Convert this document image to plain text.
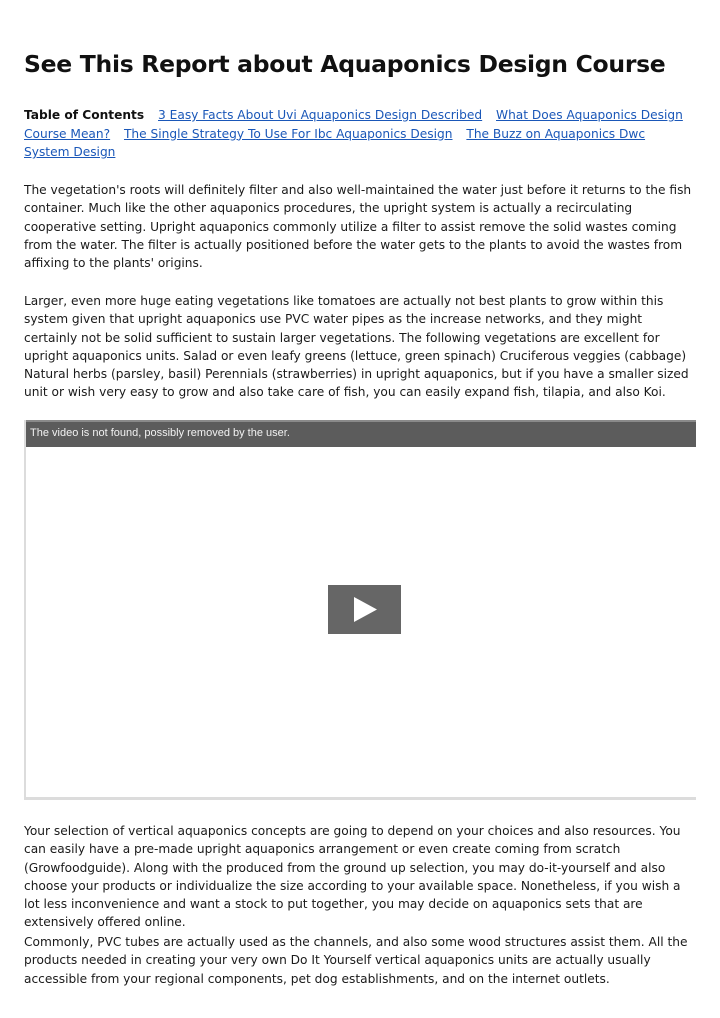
See This Report about Aquaponics Design Course
Table of Contents 3 Easy Facts About Uvi Aquaponics Design Described What Does Aquaponics Design Course Mean? The Single Strategy To Use For Ibc Aquaponics Design The Buzz on Aquaponics Dwc System Design

The vegetation's roots will definitely filter and also well-maintained the water just before it returns to the fish container. Much like the other aquaponics procedures, the upright system is actually a recirculating cooperative setting. Upright aquaponics commonly utilize a filter to assist remove the solid wastes coming from the water. The filter is actually positioned before the water gets to the plants to avoid the wastes from affixing to the plants' origins.

Larger, even more huge eating vegetations like tomatoes are actually not best plants to grow within this system given that upright aquaponics use PVC water pipes as the increase networks, and they might certainly not be solid sufficient to sustain larger vegetations. The following vegetations are excellent for upright aquaponics units. Salad or even leafy greens (lettuce, green spinach) Cruciferous veggies (cabbage) Natural herbs (parsley, basil) Perennials (strawberries) in upright aquaponics, but if you have a smaller sized unit or wish very easy to grow and also take care of fish, you can easily expand fish, tilapia, and also Koi.

The video is not found, possibly removed by the user.

Your selection of vertical aquaponics concepts are going to depend on your choices and also resources. You can easily have a pre-made upright aquaponics arrangement or even create coming from scratch (Growfoodguide). Along with the produced from the ground up selection, you may do-it-yourself and also choose your products or individualize the size according to your available space. Nonetheless, if you wish a lot less inconvenience and want a stock to put together, you may decide on aquaponics sets that are extensively offered online.

Commonly, PVC tubes are actually used as the channels, and also some wood structures assist them. All the products needed in creating your very own Do It Yourself vertical aquaponics units are actually usually accessible from your regional components, pet dog establishments, and on the internet outlets.
